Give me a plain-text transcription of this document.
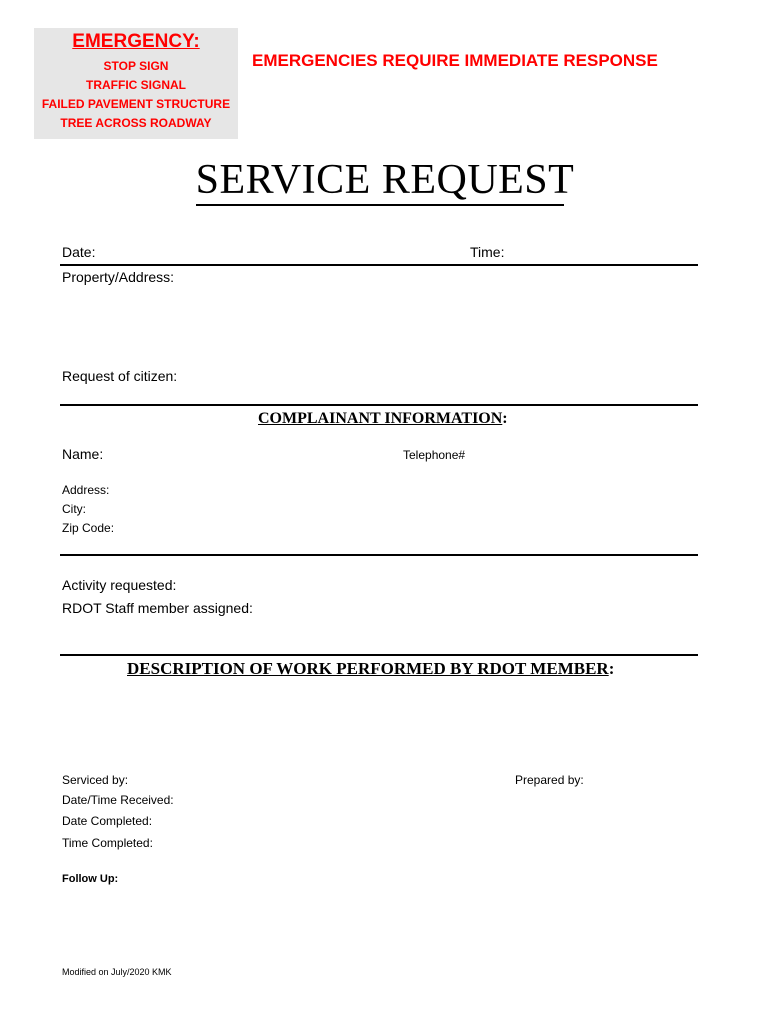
EMERGENCY:
STOP SIGN
TRAFFIC SIGNAL
FAILED PAVEMENT STRUCTURE
TREE ACROSS ROADWAY
EMERGENCIES REQUIRE IMMEDIATE RESPONSE
SERVICE REQUEST
Date:	Time:
Property/Address:
Request of citizen:
COMPLAINANT INFORMATION:
Name:	Telephone#
Address:
City:
Zip Code:
Activity requested:
RDOT Staff member assigned:
DESCRIPTION OF WORK PERFORMED BY RDOT MEMBER:
Serviced by:	Prepared by:
Date/Time Received:
Date Completed:
Time Completed:
Follow Up:
Modified on July/2020 KMK
